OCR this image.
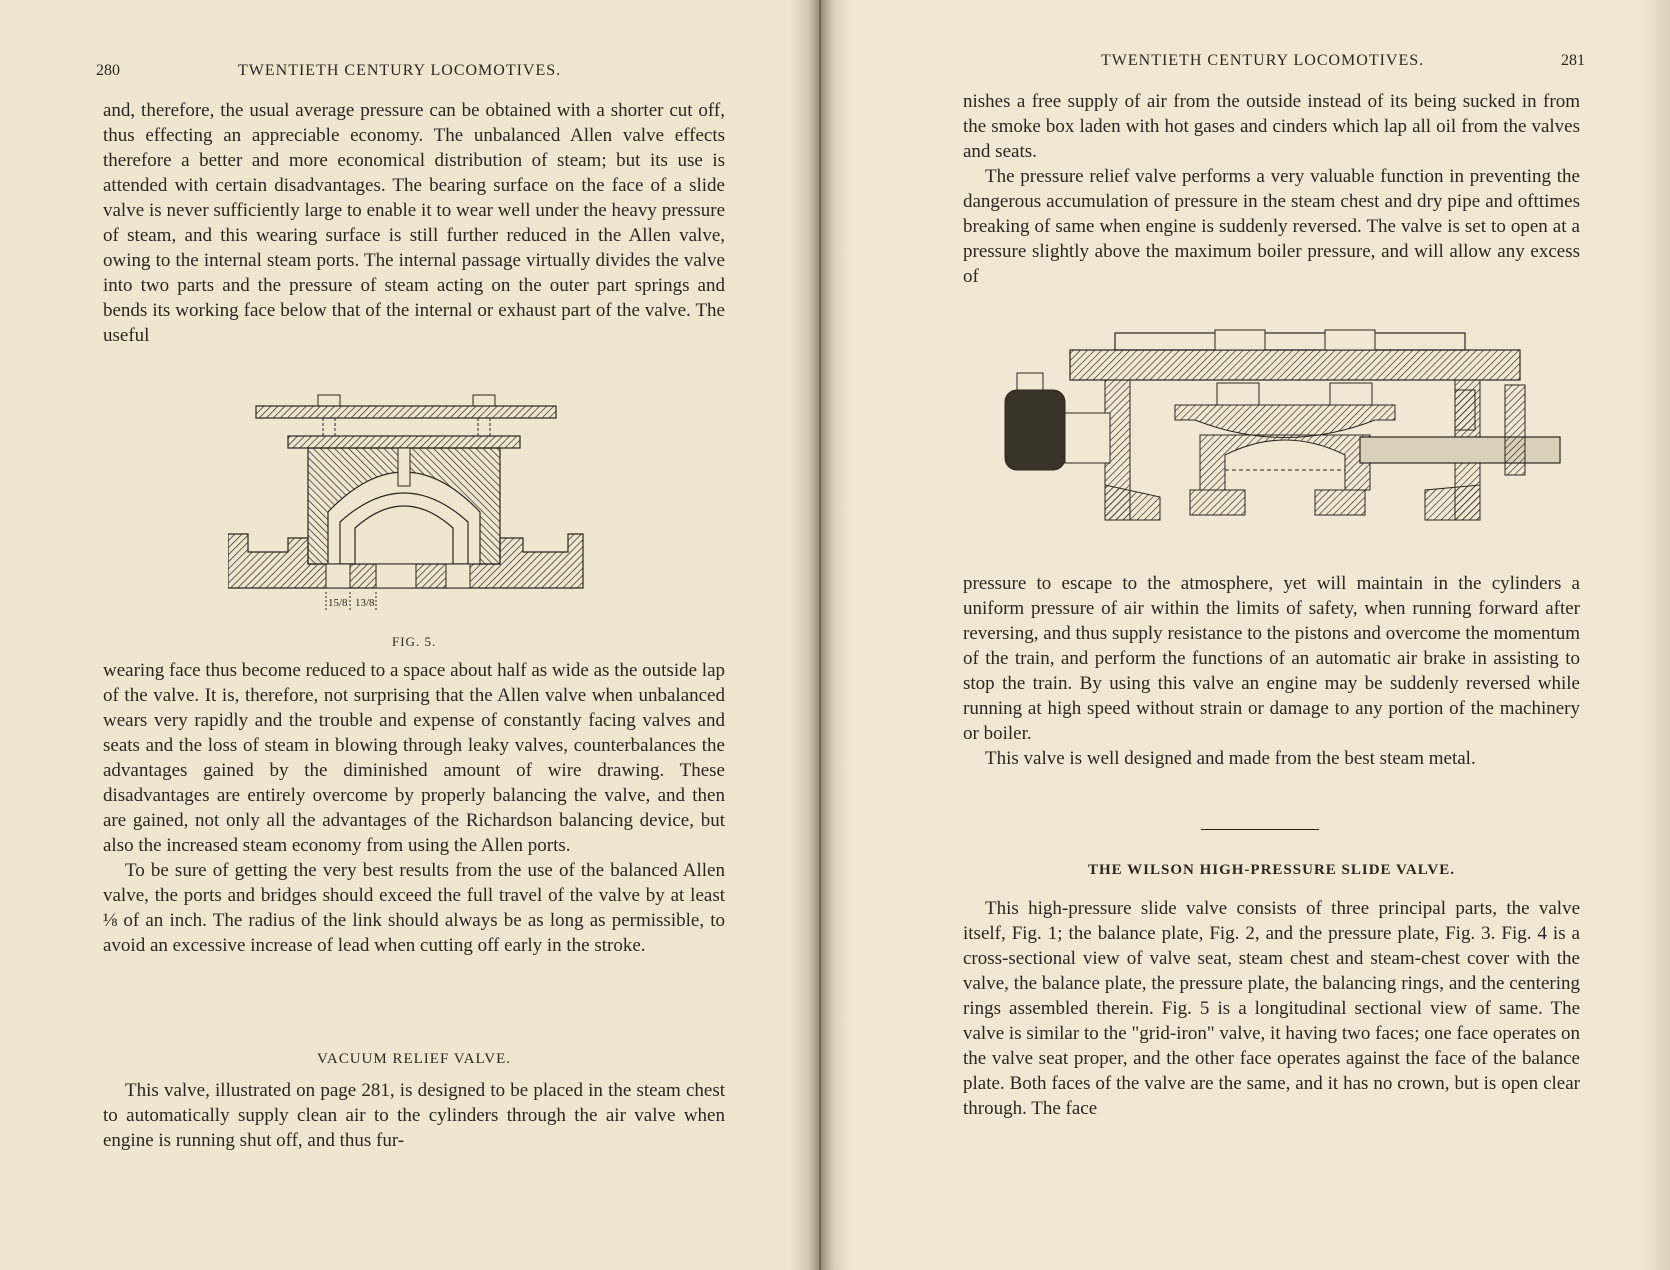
280	TWENTIETH CENTURY LOCOMOTIVES.

and, therefore, the usual average pressure can be obtained with a shorter cut off, thus effecting an appreciable economy. The unbalanced Allen valve effects therefore a better and more economical distribution of steam; but its use is attended with certain disadvantages. The bearing surface on the face of a slide valve is never sufficiently large to enable it to wear well under the heavy pressure of steam, and this wearing surface is still further reduced in the Allen valve, owing to the internal steam ports. The internal passage virtually divides the valve into two parts and the pressure of steam acting on the outer part springs and bends its working face below that of the internal or exhaust part of the valve. The useful

15/8 13/8
FIG. 5.

wearing face thus become reduced to a space about half as wide as the outside lap of the valve. It is, therefore, not surprising that the Allen valve when unbalanced wears very rapidly and the trouble and expense of constantly facing valves and seats and the loss of steam in blowing through leaky valves, counterbalances the advantages gained by the diminished amount of wire drawing. These disadvantages are entirely overcome by properly balancing the valve, and then are gained, not only all the advantages of the Richardson balancing device, but also the increased steam economy from using the Allen ports.

To be sure of getting the very best results from the use of the balanced Allen valve, the ports and bridges should exceed the full travel of the valve by at least ⅛ of an inch. The radius of the link should always be as long as permissible, to avoid an excessive increase of lead when cutting off early in the stroke.

VACUUM RELIEF VALVE.

This valve, illustrated on page 281, is designed to be placed in the steam chest to automatically supply clean air to the cylinders through the air valve when engine is running shut off, and thus fur-

TWENTIETH CENTURY LOCOMOTIVES.	281

nishes a free supply of air from the outside instead of its being sucked in from the smoke box laden with hot gases and cinders which lap all oil from the valves and seats.

The pressure relief valve performs a very valuable function in preventing the dangerous accumulation of pressure in the steam chest and dry pipe and ofttimes breaking of same when engine is suddenly reversed. The valve is set to open at a pressure slightly above the maximum boiler pressure, and will allow any excess of

pressure to escape to the atmosphere, yet will maintain in the cylinders a uniform pressure of air within the limits of safety, when running forward after reversing, and thus supply resistance to the pistons and overcome the momentum of the train, and perform the functions of an automatic air brake in assisting to stop the train. By using this valve an engine may be suddenly reversed while running at high speed without strain or damage to any portion of the machinery or boiler.

This valve is well designed and made from the best steam metal.

THE WILSON HIGH-PRESSURE SLIDE VALVE.

This high-pressure slide valve consists of three principal parts, the valve itself, Fig. 1; the balance plate, Fig. 2, and the pressure plate, Fig. 3. Fig. 4 is a cross-sectional view of valve seat, steam chest and steam-chest cover with the valve, the balance plate, the pressure plate, the balancing rings, and the centering rings assembled therein. Fig. 5 is a longitudinal sectional view of same. The valve is similar to the "grid-iron" valve, it having two faces; one face operates on the valve seat proper, and the other face operates against the face of the balance plate. Both faces of the valve are the same, and it has no crown, but is open clear through. The face
